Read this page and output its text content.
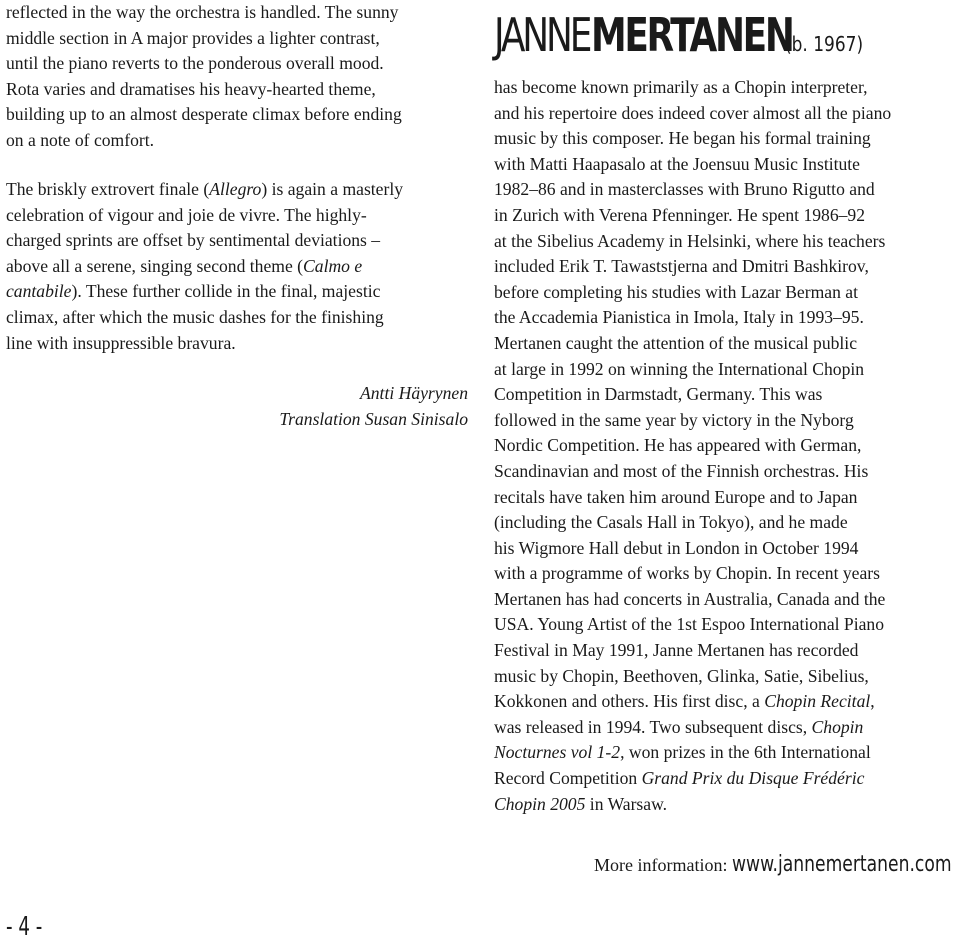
reflected in the way the orchestra is handled. The sunny
middle section in A major provides a lighter contrast,
until the piano reverts to the ponderous overall mood.
Rota varies and dramatises his heavy-hearted theme,
building up to an almost desperate climax before ending
on a note of comfort.

The briskly extrovert finale (Allegro) is again a masterly
celebration of vigour and joie de vivre. The highly-
charged sprints are offset by sentimental deviations –
above all a serene, singing second theme (Calmo e
cantabile). These further collide in the final, majestic
climax, after which the music dashes for the finishing
line with insuppressible bravura.

Antti Häyrynen
Translation Susan Sinisalo
JANNE MERTANEN (b. 1967)

has become known primarily as a Chopin interpreter,
and his repertoire does indeed cover almost all the piano
music by this composer. He began his formal training
with Matti Haapasalo at the Joensuu Music Institute
1982–86 and in masterclasses with Bruno Rigutto and
in Zurich with Verena Pfenninger. He spent 1986–92
at the Sibelius Academy in Helsinki, where his teachers
included Erik T. Tawaststjerna and Dmitri Bashkirov,
before completing his studies with Lazar Berman at
the Accademia Pianistica in Imola, Italy in 1993–95.
Mertanen caught the attention of the musical public
at large in 1992 on winning the International Chopin
Competition in Darmstadt, Germany. This was
followed in the same year by victory in the Nyborg
Nordic Competition. He has appeared with German,
Scandinavian and most of the Finnish orchestras. His
recitals have taken him around Europe and to Japan
(including the Casals Hall in Tokyo), and he made
his Wigmore Hall debut in London in October 1994
with a programme of works by Chopin. In recent years
Mertanen has had concerts in Australia, Canada and the
USA. Young Artist of the 1st Espoo International Piano
Festival in May 1991, Janne Mertanen has recorded
music by Chopin, Beethoven, Glinka, Satie, Sibelius,
Kokkonen and others. His first disc, a Chopin Recital,
was released in 1994. Two subsequent discs, Chopin
Nocturnes vol 1-2, won prizes in the 6th International
Record Competition Grand Prix du Disque Frédéric
Chopin 2005 in Warsaw.

More information: www.jannemertanen.com
- 4 -
